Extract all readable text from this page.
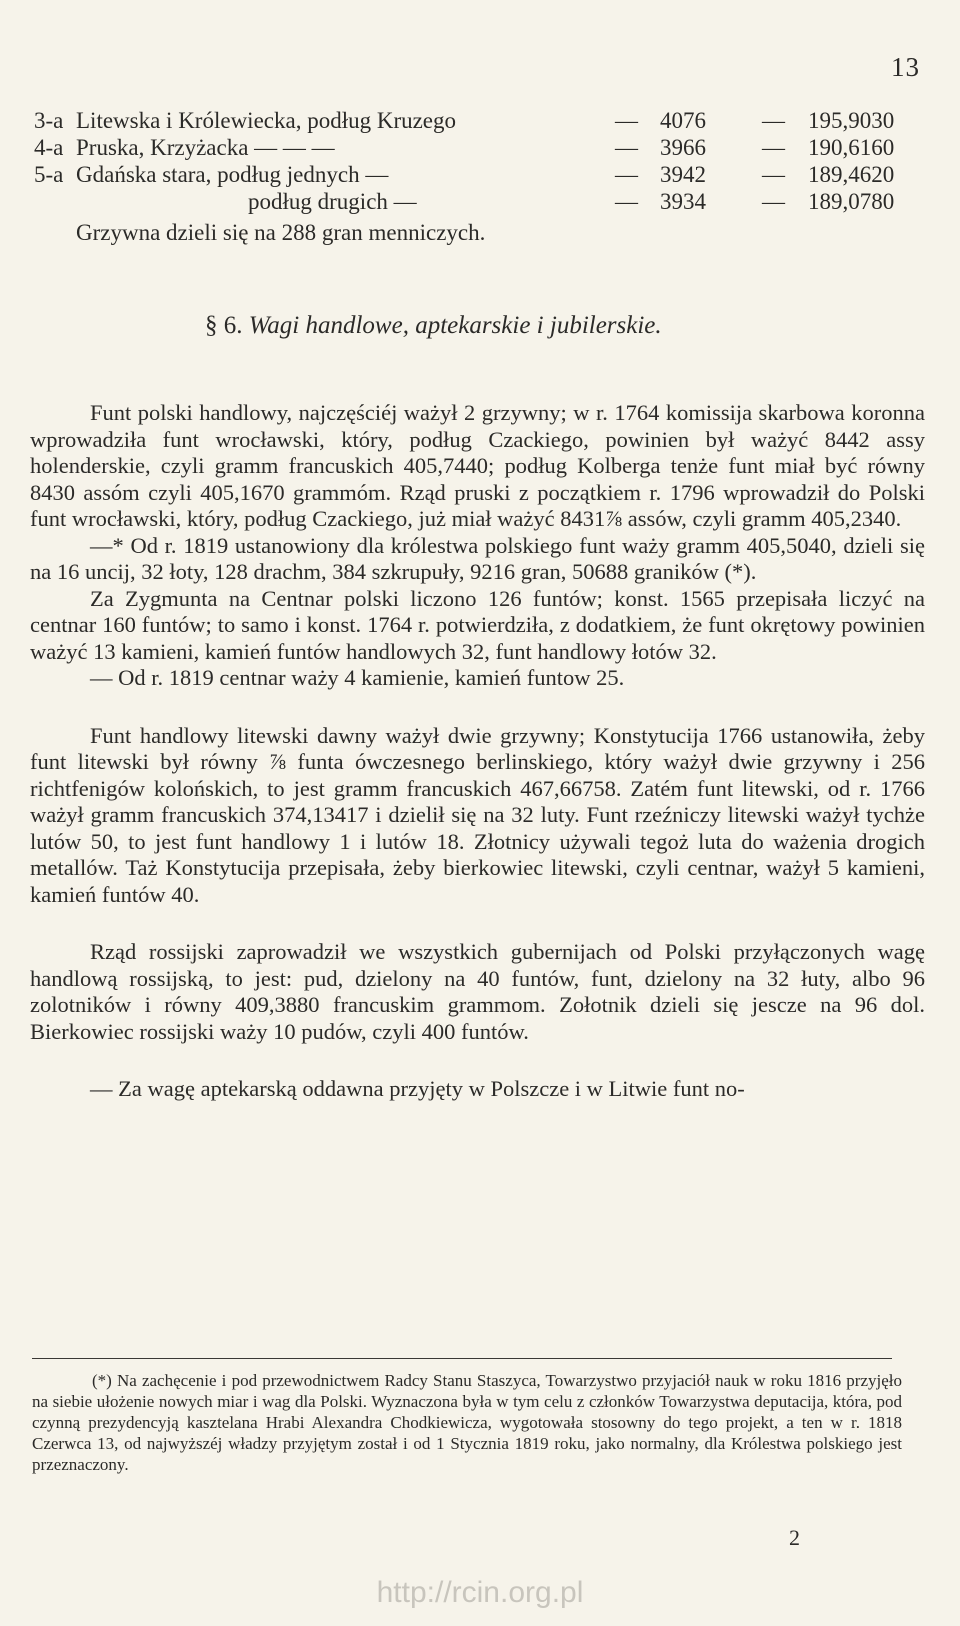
13
3-a Litewska i Królewiecka, podług Kruzego	— 4076 — 195,9030
4-a Pruska, Krzyżacka — — —	— 3966 — 190,6160
5-a Gdańska stara, podług jednych —	— 3942 — 189,4620
podług drugich —	— 3934 — 189,0780
Grzywna dzieli się na 288 gran menniczych.
§ 6. Wagi handlowe, aptekarskie i jubilerskie.

Funt polski handlowy, najczęściéj ważył 2 grzywny; w r. 1764 komissija skarbowa koronna wprowadziła funt wrocławski, który, podług Czackiego, powinien był ważyć 8442 assy holenderskie, czyli gramm francuskich 405,7440; podług Kolberga tenże funt miał być równy 8430 assóm czyli 405,1670 grammóm. Rząd pruski z początkiem r. 1796 wprowadził do Polski funt wrocławski, który, podług Czackiego, już miał ważyć 8431⅞ assów, czyli gramm 405,2340.

—* Od r. 1819 ustanowiony dla królestwa polskiego funt waży gramm 405,5040, dzieli się na 16 uncij, 32 łoty, 128 drachm, 384 szkrupuły, 9216 gran, 50688 graników (*).

Za Zygmunta na Centnar polski liczono 126 funtów; konst. 1565 przepisała liczyć na centnar 160 funtów; to samo i konst. 1764 r. potwierdziła, z dodatkiem, że funt okrętowy powinien ważyć 13 kamieni, kamień funtów handlowych 32, funt handlowy łotów 32.

— Od r. 1819 centnar waży 4 kamienie, kamień funtow 25.

Funt handlowy litewski dawny ważył dwie grzywny; Konstytucija 1766 ustanowiła, żeby funt litewski był równy ⅞ funta ówczesnego berlinskiego, który ważył dwie grzywny i 256 richtfenigów kolońskich, to jest gramm francuskich 467,66758. Zatém funt litewski, od r. 1766 ważył gramm francuskich 374,13417 i dzielił się na 32 luty. Funt rzeźniczy litewski ważył tychże lutów 50, to jest funt handlowy 1 i lutów 18. Złotnicy używali tegoż luta do ważenia drogich metallów. Taż Konstytucija przepisała, żeby bierkowiec litewski, czyli centnar, ważył 5 kamieni, kamień funtów 40.

Rząd rossijski zaprowadził we wszystkich gubernijach od Polski przyłączonych wagę handlową rossijską, to jest: pud, dzielony na 40 funtów, funt, dzielony na 32 łuty, albo 96 zolotników i równy 409,3880 francuskim grammom. Zołotnik dzieli się jescze na 96 dol. Bierkowiec rossijski waży 10 pudów, czyli 400 funtów.

— Za wagę aptekarską oddawna przyjęty w Polszcze i w Litwie funt no-

(*) Na zachęcenie i pod przewodnictwem Radcy Stanu Staszyca, Towarzystwo przyjaciół nauk w roku 1816 przyjęło na siebie ułożenie nowych miar i wag dla Polski. Wyznaczona była w tym celu z członków Towarzystwa deputacija, która, pod czynną prezydencyją kasztelana Hrabi Alexandra Chodkiewicza, wygotowała stosowny do tego projekt, a ten w r. 1818 Czerwca 13, od najwyższéj władzy przyjętym został i od 1 Stycznia 1819 roku, jako normalny, dla Królestwa polskiego jest przeznaczony.

2
http://rcin.org.pl
